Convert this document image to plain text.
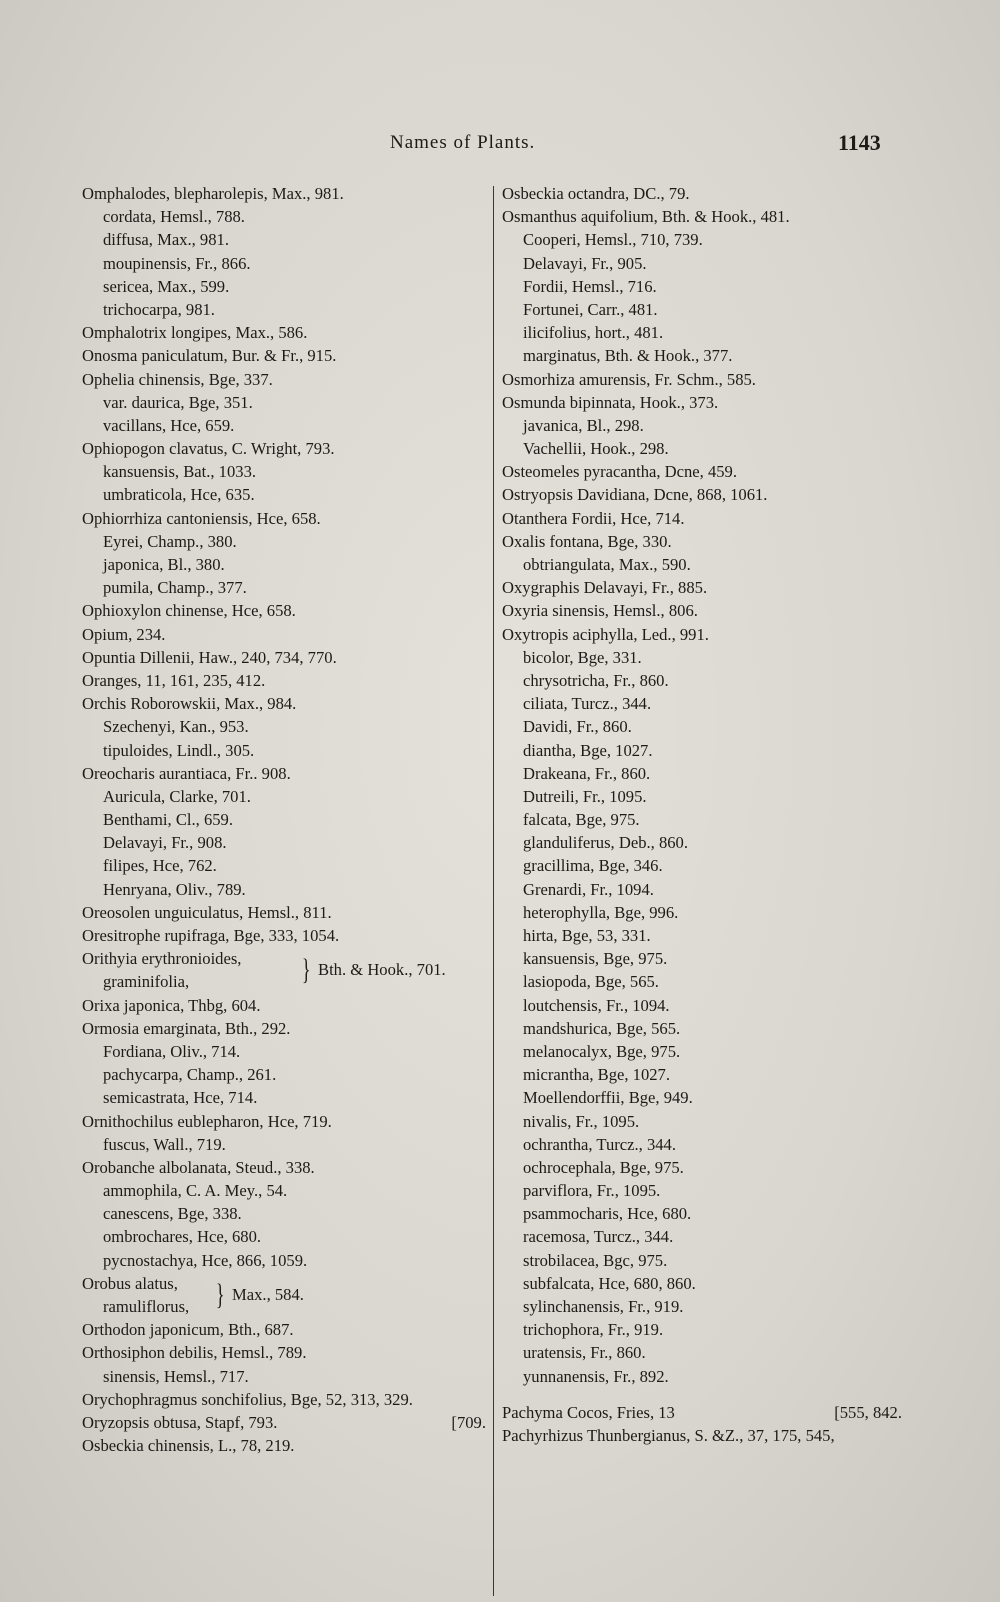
Names of Plants.	1143
Omphalodes, blepharolepis, Max., 981.
cordata, Hemsl., 788.
diffusa, Max., 981.
moupinensis, Fr., 866.
sericea, Max., 599.
trichocarpa, 981.
Omphalotrix longipes, Max., 586.
Onosma paniculatum, Bur. & Fr., 915.
Ophelia chinensis, Bge, 337.
var. daurica, Bge, 351.
vacillans, Hce, 659.
Ophiopogon clavatus, C. Wright, 793.
kansuensis, Bat., 1033.
umbraticola, Hce, 635.
Ophiorrhiza cantoniensis, Hce, 658.
Eyrei, Champ., 380.
japonica, Bl., 380.
pumila, Champ., 377.
Ophioxylon chinense, Hce, 658.
Opium, 234.
Opuntia Dillenii, Haw., 240, 734, 770.
Oranges, 11, 161, 235, 412.
Orchis Roborowskii, Max., 984.
Szechenyi, Kan., 953.
tipuloides, Lindl., 305.
Oreocharis aurantiaca, Fr.. 908.
Auricula, Clarke, 701.
Benthami, Cl., 659.
Delavayi, Fr., 908.
filipes, Hce, 762.
Henryana, Oliv., 789.
Oreosolen unguiculatus, Hemsl., 811.
Oresitrophe rupifraga, Bge, 333, 1054.
Orithyia erythronioides,
graminifolia,	} Bth. & Hook., 701.
Orixa japonica, Thbg, 604.
Ormosia emarginata, Bth., 292.
Fordiana, Oliv., 714.
pachycarpa, Champ., 261.
semicastrata, Hce, 714.
Ornithochilus eublepharon, Hce, 719.
fuscus, Wall., 719.
Orobanche albolanata, Steud., 338.
ammophila, C. A. Mey., 54.
canescens, Bge, 338.
ombrochares, Hce, 680.
pycnostachya, Hce, 866, 1059.
Orobus alatus,
ramuliflorus, } Max., 584.
Orthodon japonicum, Bth., 687.
Orthosiphon debilis, Hemsl., 789.
sinensis, Hemsl., 717.
Orychophragmus sonchifolius, Bge, 52, 313, 329.
Oryzopsis obtusa, Stapf, 793.	[709.
Osbeckia chinensis, L., 78, 219.
Osbeckia octandra, DC., 79.
Osmanthus aquifolium, Bth. & Hook., 481.
Cooperi, Hemsl., 710, 739.
Delavayi, Fr., 905.
Fordii, Hemsl., 716.
Fortunei, Carr., 481.
ilicifolius, hort., 481.
marginatus, Bth. & Hook., 377.
Osmorhiza amurensis, Fr. Schm., 585.
Osmunda bipinnata, Hook., 373.
javanica, Bl., 298.
Vachellii, Hook., 298.
Osteomeles pyracantha, Dcne, 459.
Ostryopsis Davidiana, Dcne, 868, 1061.
Otanthera Fordii, Hce, 714.
Oxalis fontana, Bge, 330.
obtriangulata, Max., 590.
Oxygraphis Delavayi, Fr., 885.
Oxyria sinensis, Hemsl., 806.
Oxytropis aciphylla, Led., 991.
bicolor, Bge, 331.
chrysotricha, Fr., 860.
ciliata, Turcz., 344.
Davidi, Fr., 860.
diantha, Bge, 1027.
Drakeana, Fr., 860.
Dutreili, Fr., 1095.
falcata, Bge, 975.
glanduliferus, Deb., 860.
gracillima, Bge, 346.
Grenardi, Fr., 1094.
heterophylla, Bge, 996.
hirta, Bge, 53, 331.
kansuensis, Bge, 975.
lasiopoda, Bge, 565.
loutchensis, Fr., 1094.
mandshurica, Bge, 565.
melanocalyx, Bge, 975.
micrantha, Bge, 1027.
Moellendorffii, Bge, 949.
nivalis, Fr., 1095.
ochrantha, Turcz., 344.
ochrocephala, Bge, 975.
parviflora, Fr., 1095.
psammocharis, Hce, 680.
racemosa, Turcz., 344.
strobilacea, Bgc, 975.
subfalcata, Hce, 680, 860.
sylinchanensis, Fr., 919.
trichophora, Fr., 919.
uratensis, Fr., 860.
yunnanensis, Fr., 892.
Pachyma Cocos, Fries, 13	[555, 842.
Pachyrhizus Thunbergianus, S. &Z., 37, 175, 545,
